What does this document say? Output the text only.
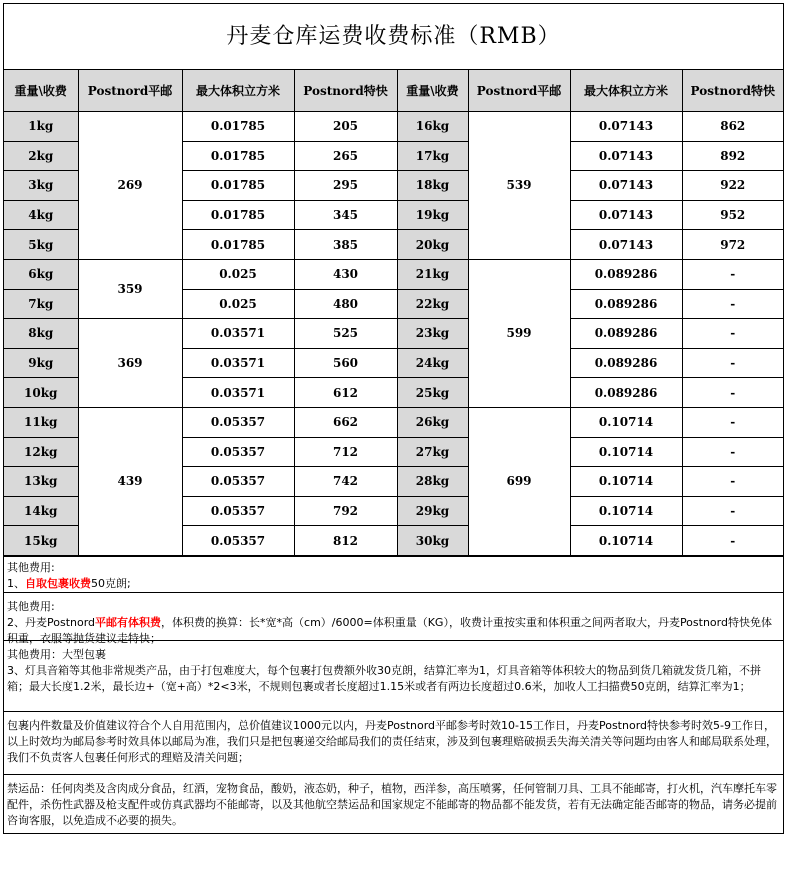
丹麦仓库运费收费标准（RMB）
重量\收费	Postnord平邮	最大体积立方米	Postnord特快	重量\收费	Postnord平邮	最大体积立方米	Postnord特快
1kg	269	0.01785	205	16kg	539	0.07143	862
2kg		0.01785	265	17kg		0.07143	892
3kg		0.01785	295	18kg		0.07143	922
4kg		0.01785	345	19kg		0.07143	952
5kg		0.01785	385	20kg		0.07143	972
6kg	359	0.025	430	21kg	599	0.089286	-
7kg		0.025	480	22kg		0.089286	-
8kg	369	0.03571	525	23kg		0.089286	-
9kg		0.03571	560	24kg		0.089286	-
10kg		0.03571	612	25kg		0.089286	-
11kg	439	0.05357	662	26kg	699	0.10714	-
12kg		0.05357	712	27kg		0.10714	-
13kg		0.05357	742	28kg		0.10714	-
14kg		0.05357	792	29kg		0.10714	-
15kg		0.05357	812	30kg		0.10714	-
其他费用:
1、自取包裹收费50克朗;
其他费用:
2、丹麦Postnord平邮有体积费，体积费的换算：长*宽*高（cm）/6000=体积重量（KG），收费计重按实重和体积重之间两者取大，丹麦Postnord特快免体积重，衣服等抛货建议走特快；
其他费用：大型包裹
3、灯具音箱等其他非常规类产品，由于打包难度大，每个包裹打包费额外收30克朗，结算汇率为1，灯具音箱等体积较大的物品到货几箱就发货几箱，不拼箱；最大长度1.2米，最长边+（宽+高）*2<3米，不规则包裹或者长度超过1.15米或者有两边长度超过0.6米，加收人工扫描费50克朗，结算汇率为1；
包裹内件数量及价值建议符合个人自用范围内，总价值建议1000元以内，丹麦Postnord平邮参考时效10-15工作日，丹麦Postnord特快参考时效5-9工作日，以上时效均为邮局参考时效具体以邮局为准，我们只是把包裹递交给邮局我们的责任结束，涉及到包裹理赔破损丢失海关清关等问题均由客人和邮局联系处理，我们不负责客人包裹任何形式的理赔及清关问题；
禁运品：任何肉类及含肉成分食品，红酒，宠物食品，酸奶，液态奶，种子，植物，西洋参，高压喷雾，任何管制刀具、工具不能邮寄，打火机，汽车摩托车零配件，杀伤性武器及枪支配件或仿真武器均不能邮寄，以及其他航空禁运品和国家规定不能邮寄的物品都不能发货，若有无法确定能否邮寄的物品，请务必提前咨询客服，以免造成不必要的损失。
